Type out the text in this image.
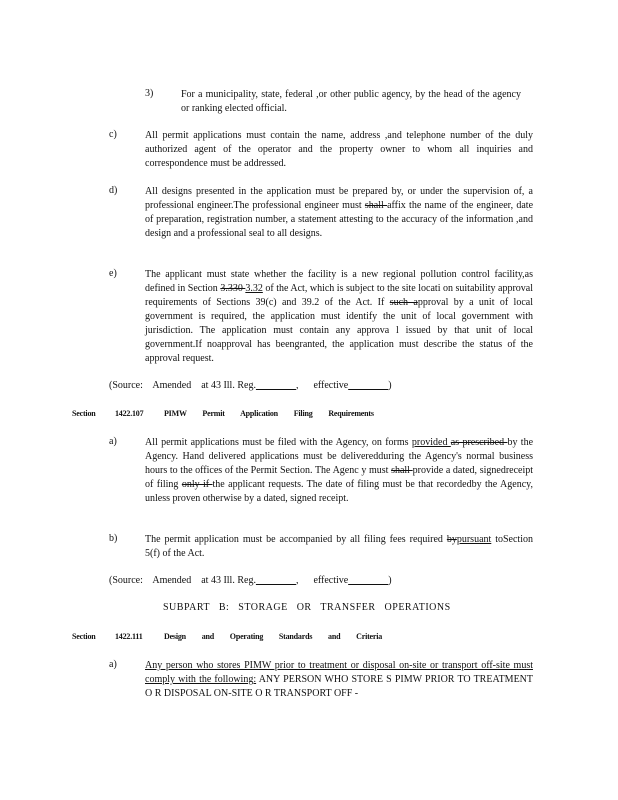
3)	For a municipality, state, federal ,or other public agency, by the head of the agency or ranking elected official.

c)	All permit applications must contain the name, address ,and telephone number of the duly authorized agent of the operator and the property owner to whom all inquiries and correspondence must be addressed.
d)	All designs presented in the application must be prepared by, or under the supervision of, a professional engineer.The professional engineer must shall affix the name of the engineer, date of preparation, registration number, a statement attesting to the accuracy of the information ,and design and a professional seal to all designs.
e)	The applicant must state whether the facility is a new regional pollution control facility,as defined in Section 3.330 3.32 of the Act, which is subject to the site locati on suitability approval requirements of Sections 39(c) and 39.2 of the Act. If such approval by a unit of local government is required, the application must identify the unit of local government with jurisdiction. The application must contain any approva l issued by that unit of local government.If noapproval has beengranted, the application must describe the status of the approval request.
(Source: Amended at 43 Ill. Reg.________, effective________)
Section 1422.107	PIMW Permit Application Filing Requirements
a)	All permit applications must be filed with the Agency, on forms provided as prescribed by the Agency. Hand delivered applications must be deliveredduring the Agency's normal business hours to the offices of the Permit Section. The Agenc y must shall provide a dated, signedreceipt of filing only if the applicant requests. The date of filing must be that recordedby the Agency, unless proven otherwise by a dated, signed receipt.
b)	The permit application must be accompanied by all filing fees required bypursuant toSection 5(f) of the Act.
(Source: Amended at 43 Ill. Reg.________, effective________)
SUBPART B: STORAGE OR TRANSFER OPERATIONS
Section 1422.111	Design and Operating Standards and Criteria
a)	Any person who stores PIMW prior to treatment or disposal on-site or transport off-site must comply with the following: ANY PERSON WHO STORE S PIMW PRIOR TO TREATMENT O R DISPOSAL ON-SITE O R TRANSPORT OFF -
